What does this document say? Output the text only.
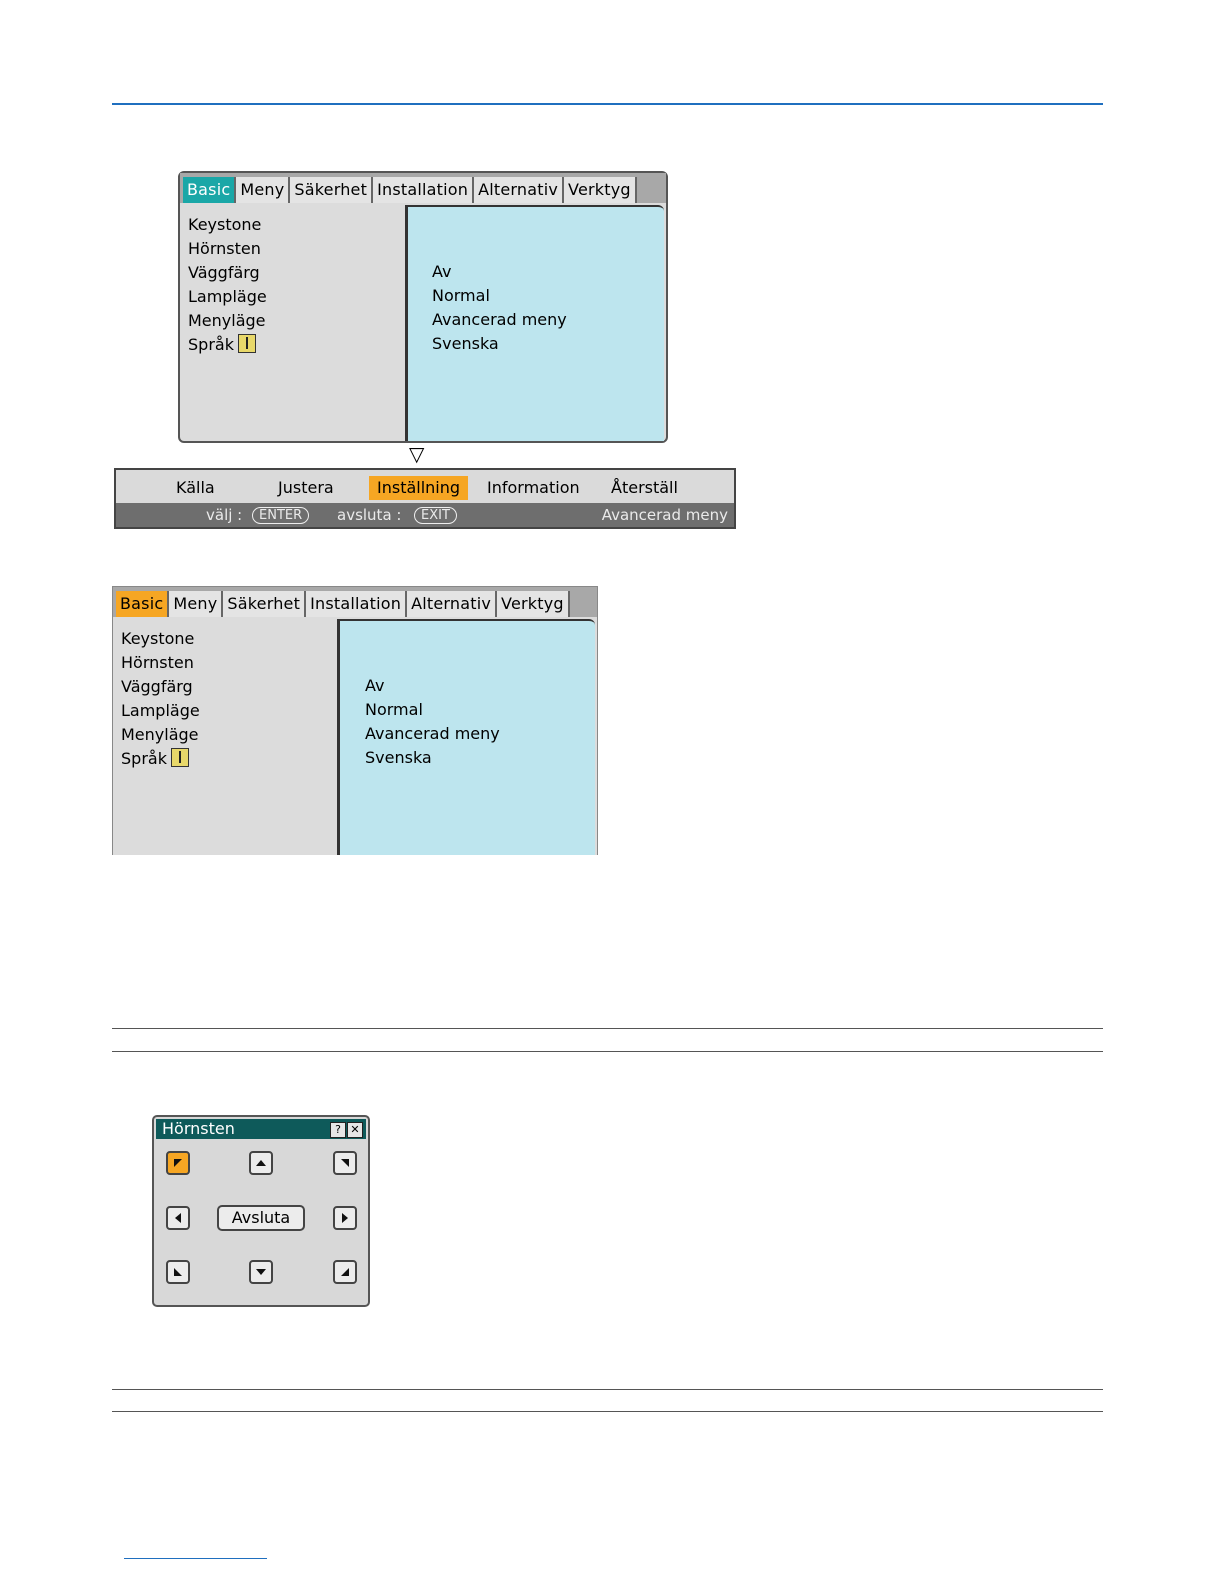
Basic Meny Säkerhet Installation Alternativ Verktyg
Keystone
Hörnsten
Väggfärg
Lampläge
Menyläge
Språk
Av
Normal
Avancerad meny
Svenska
▽
Källa	Justera	Inställning	Information	Återställ
välj :	ENTER	avsluta :	EXIT	Avancerad meny
Basic Meny Säkerhet Installation Alternativ Verktyg
Keystone
Hörnsten
Väggfärg
Lampläge
Menyläge
Språk
Av
Normal
Avancerad meny
Svenska
Hörnsten	? ✕
Avsluta
